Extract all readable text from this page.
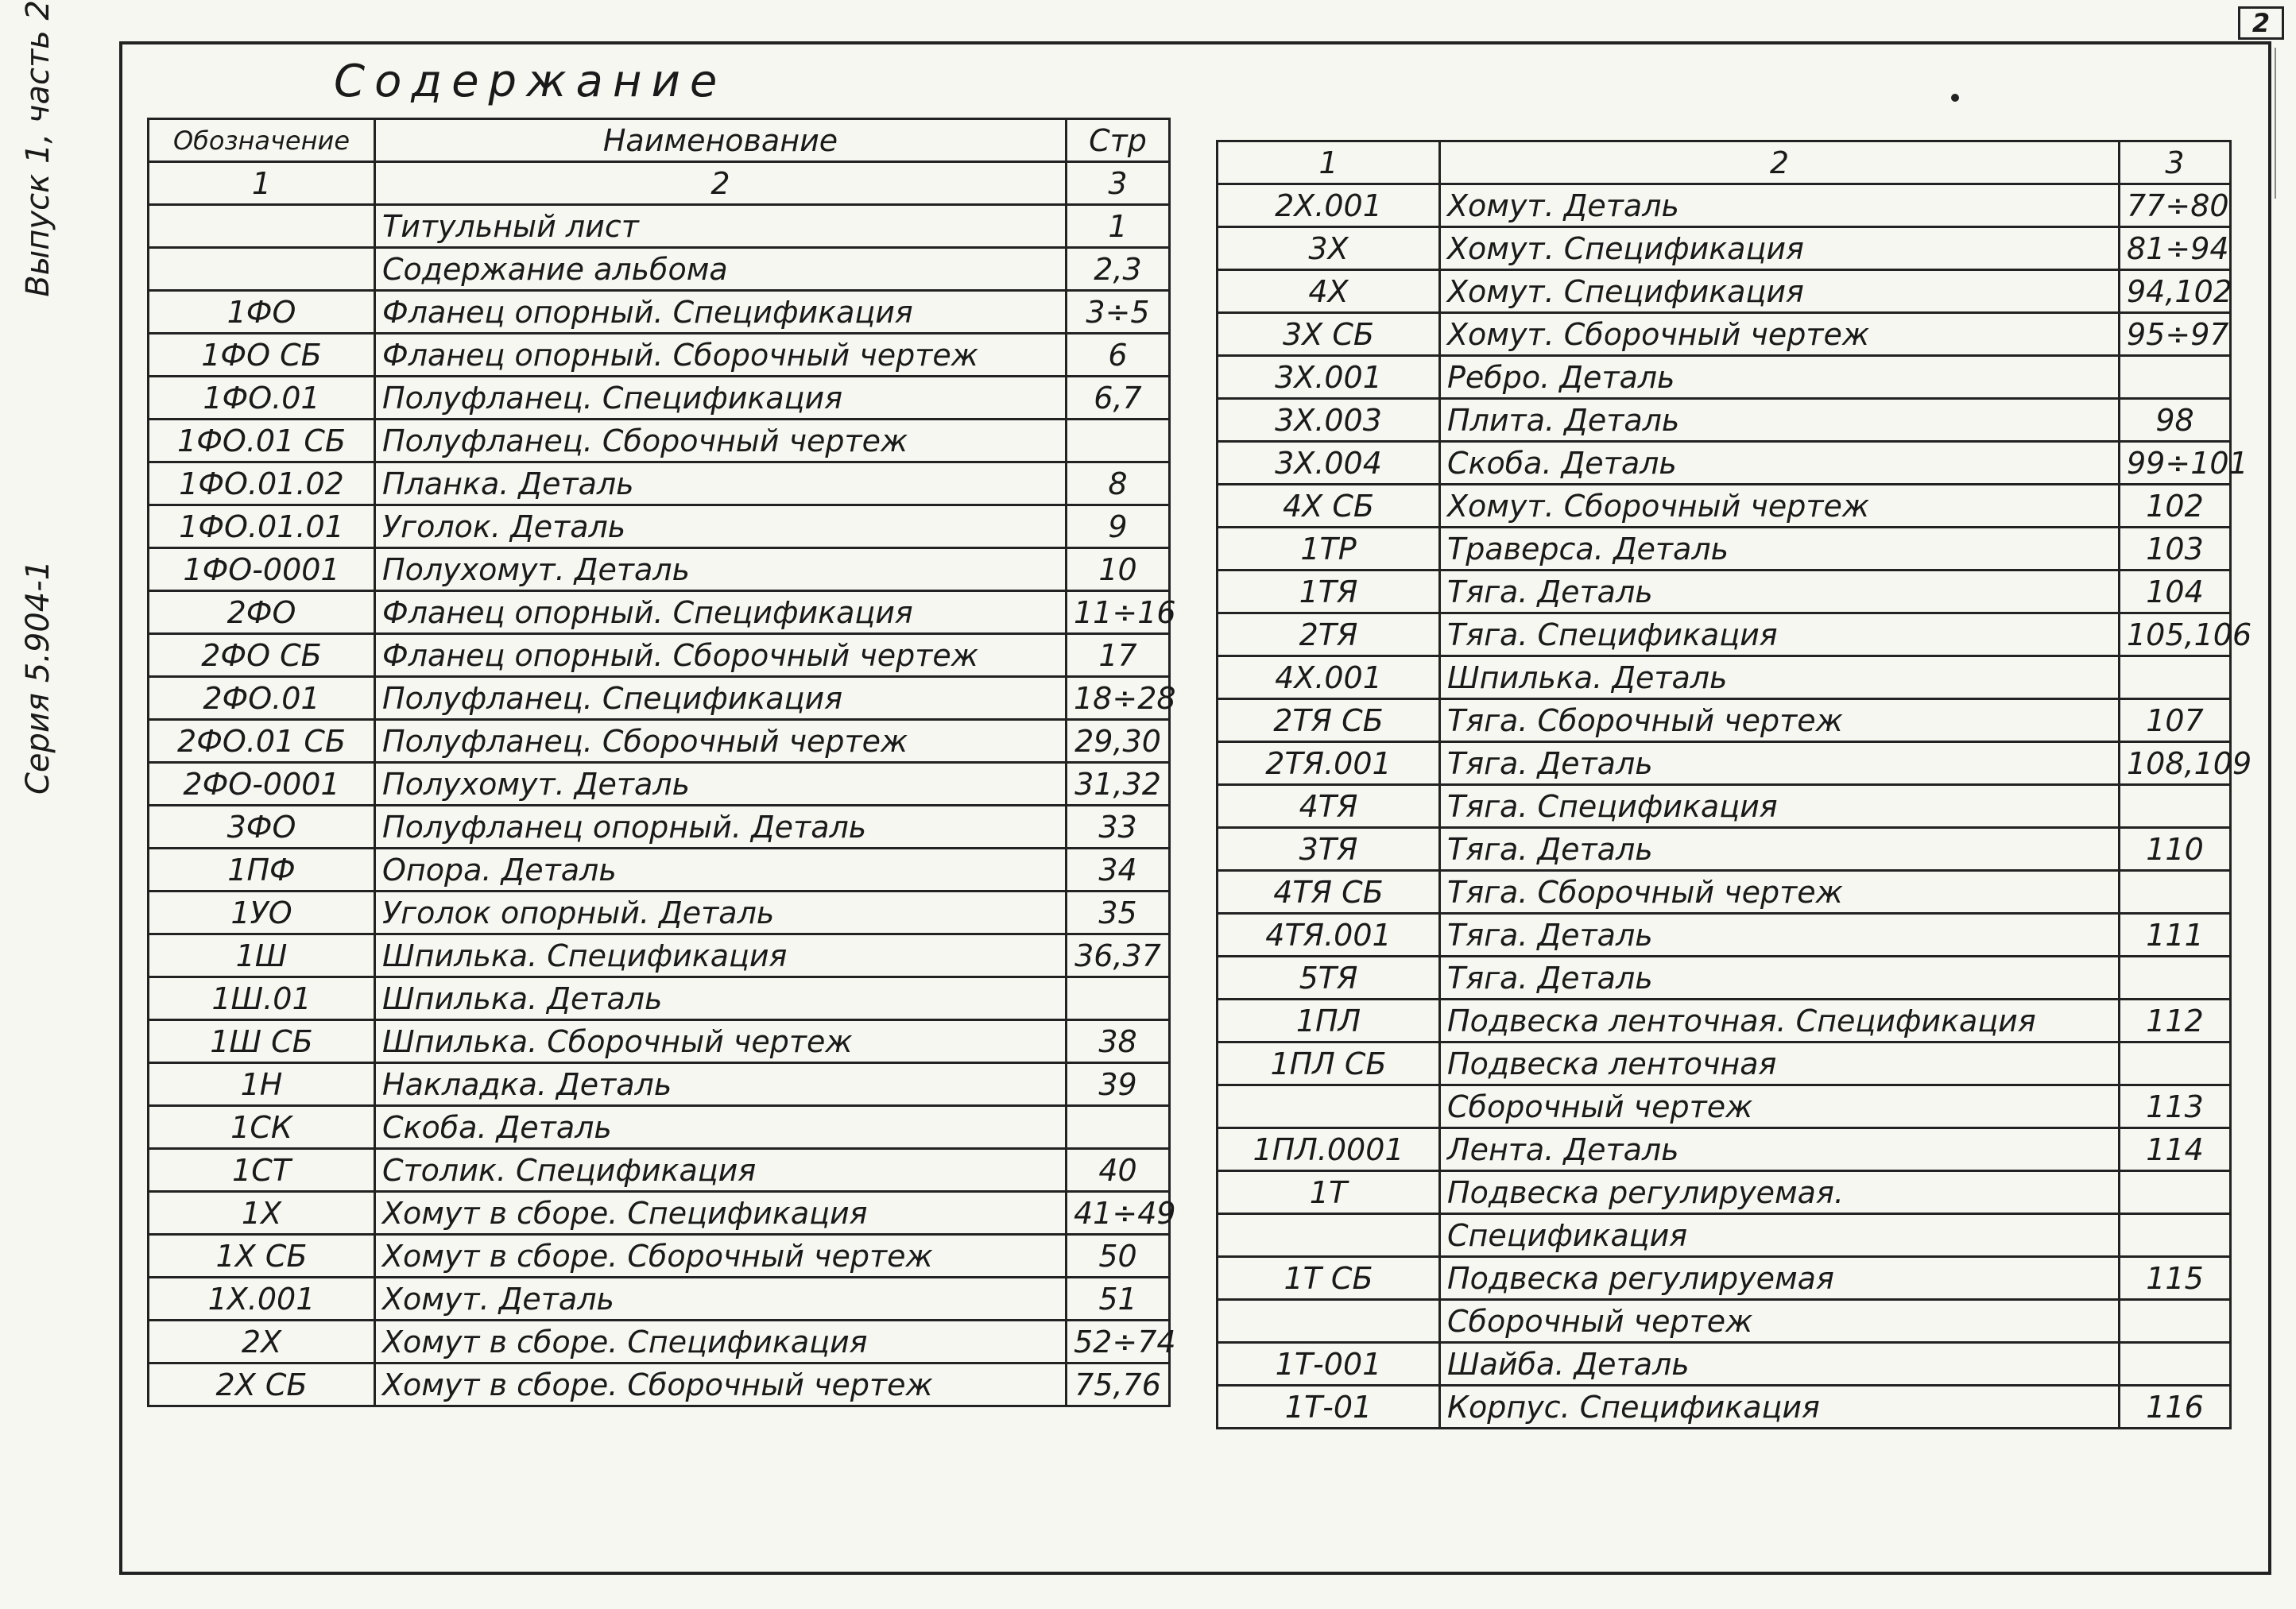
2
Серия 5.904-1
Выпуск 1, часть 2	Содержание
Обозначение	Наименование	Стр
1	2	3
	Титульный лист	1
	Содержание альбома	2,3
1ФО	Фланец опорный. Спецификация	3÷5
1ФО СБ	Фланец опорный. Сборочный чертеж	6
1ФО.01	Полуфланец. Спецификация	6,7
1ФО.01 СБ	Полуфланец. Сборочный чертеж	
1ФО.01.02	Планка. Деталь	8
1ФО.01.01	Уголок. Деталь	9
1ФО-0001	Полухомут. Деталь	10
2ФО	Фланец опорный. Спецификация	11÷16
2ФО СБ	Фланец опорный. Сборочный чертеж	17
2ФО.01	Полуфланец. Спецификация	18÷28
2ФО.01 СБ	Полуфланец. Сборочный чертеж	29,30
2ФО-0001	Полухомут. Деталь	31,32
3ФО	Полуфланец опорный. Деталь	33
1ПФ	Опора. Деталь	34
1УО	Уголок опорный. Деталь	35
1Ш	Шпилька. Спецификация	36,37
1Ш.01	Шпилька. Деталь	
1Ш СБ	Шпилька. Сборочный чертеж	38
1Н	Накладка. Деталь	39
1СК	Скоба. Деталь	
1СТ	Столик. Спецификация	40
1Х	Хомут в сборе. Спецификация	41÷49
1Х СБ	Хомут в сборе. Сборочный чертеж	50
1Х.001	Хомут. Деталь	51
2Х	Хомут в сборе. Спецификация	52÷74
2Х СБ	Хомут в сборе. Сборочный чертеж	75,76
1	2	3
2Х.001	Хомут. Деталь	77÷80
3Х	Хомут. Спецификация	81÷94
4Х	Хомут. Спецификация	94,102
3Х СБ	Хомут. Сборочный чертеж	95÷97
3Х.001	Ребро. Деталь	
3Х.003	Плита. Деталь	98
3Х.004	Скоба. Деталь	99÷101
4Х СБ	Хомут. Сборочный чертеж	102
1ТР	Траверса. Деталь	103
1ТЯ	Тяга. Деталь	104
2ТЯ	Тяга. Спецификация	105,106
4Х.001	Шпилька. Деталь	
2ТЯ СБ	Тяга. Сборочный чертеж	107
2ТЯ.001	Тяга. Деталь	108,109
4ТЯ	Тяга. Спецификация	
3ТЯ	Тяга. Деталь	110
4ТЯ СБ	Тяга. Сборочный чертеж	
4ТЯ.001	Тяга. Деталь	111
5ТЯ	Тяга. Деталь	
1ПЛ	Подвеска ленточная. Спецификация	112
1ПЛ СБ	Подвеска ленточная	
	Сборочный чертеж	113
1ПЛ.0001	Лента. Деталь	114
1Т	Подвеска регулируемая.	
	Спецификация	
1Т СБ	Подвеска регулируемая	115
	Сборочный чертеж	
1Т-001	Шайба. Деталь	
1Т-01	Корпус. Спецификация	116
